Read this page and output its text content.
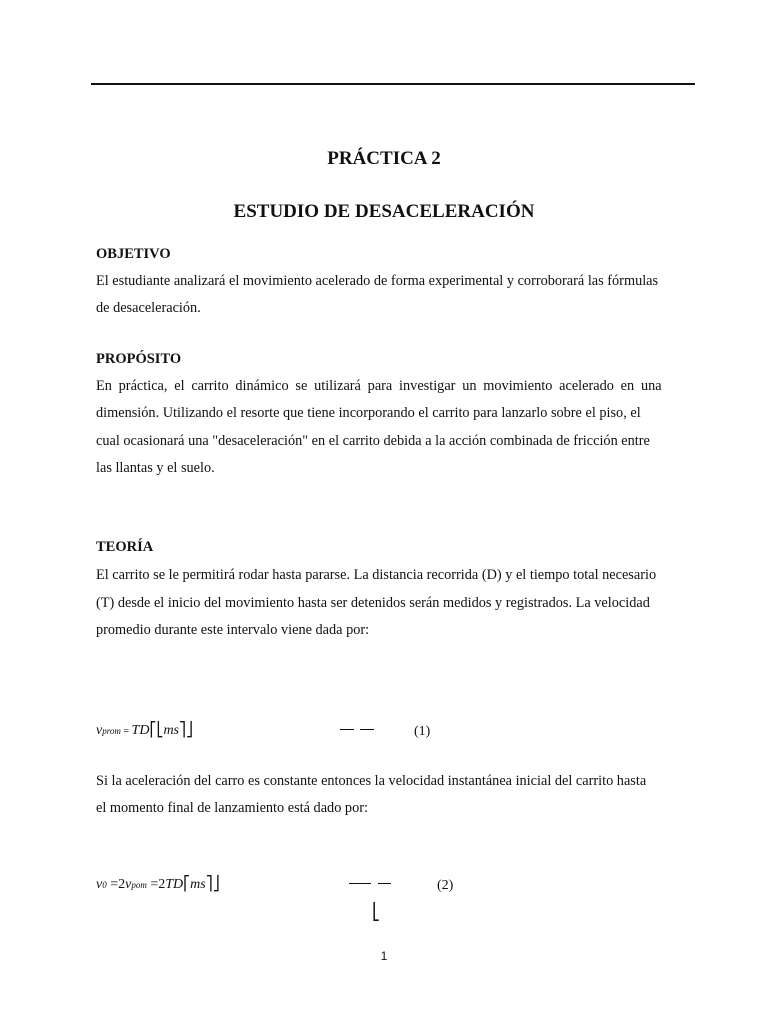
PRÁCTICA 2
ESTUDIO DE DESACELERACIÓN
OBJETIVO
El estudiante analizará el movimiento acelerado de forma experimental y corroborará las fórmulas
de desaceleración.
PROPÓSITO
En práctica, el carrito dinámico se utilizará para investigar un movimiento acelerado en una
dimensión. Utilizando el resorte que tiene incorporando el carrito para lanzarlo sobre el piso, el
cual ocasionará una "desaceleración" en el carrito debida a la acción combinada de fricción entre
las llantas y el suelo.
TEORÍA
El carrito se le permitirá rodar hasta pararse. La distancia recorrida (D) y el tiempo total necesario
(T) desde el inicio del movimiento hasta ser detenidos serán medidos y registrados. La velocidad
promedio durante este intervalo viene dada por:
vprom = TD⎡⎣ms⎤⎦	(1)
Si la aceleración del carro es constante entonces la velocidad instantánea inicial del carrito hasta
el momento final de lanzamiento está dado por:
v0 =2vpom =2TD⎡ms⎤⎦
⎣
(2)
1
